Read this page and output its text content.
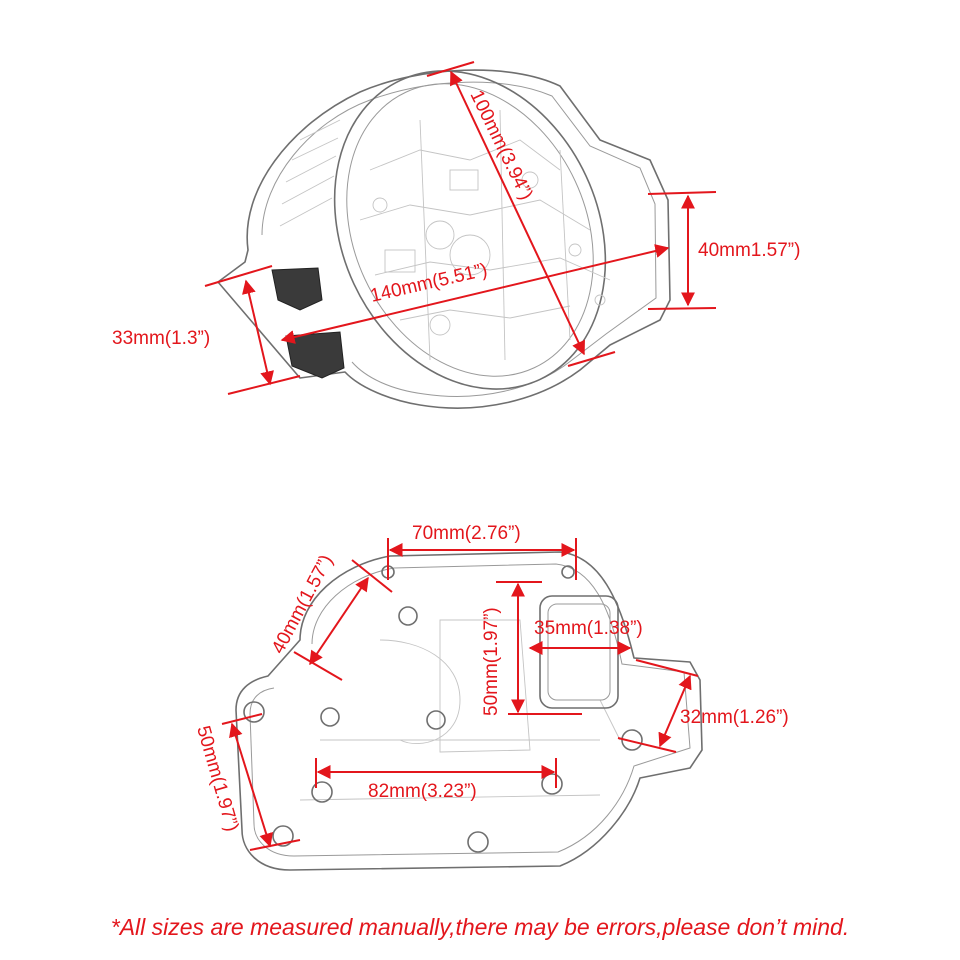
100mm(3.94”)
140mm(5.51”)
40mm1.57”)
33mm(1.3”)
70mm(2.76”)
40mm(1.57”)
50mm(1.97”) 35mm(1.38”)
32mm(1.26”)
50mm(1.97”)	82mm(3.23”)
*All sizes are measured manually,there may be errors,please don’t mind.
